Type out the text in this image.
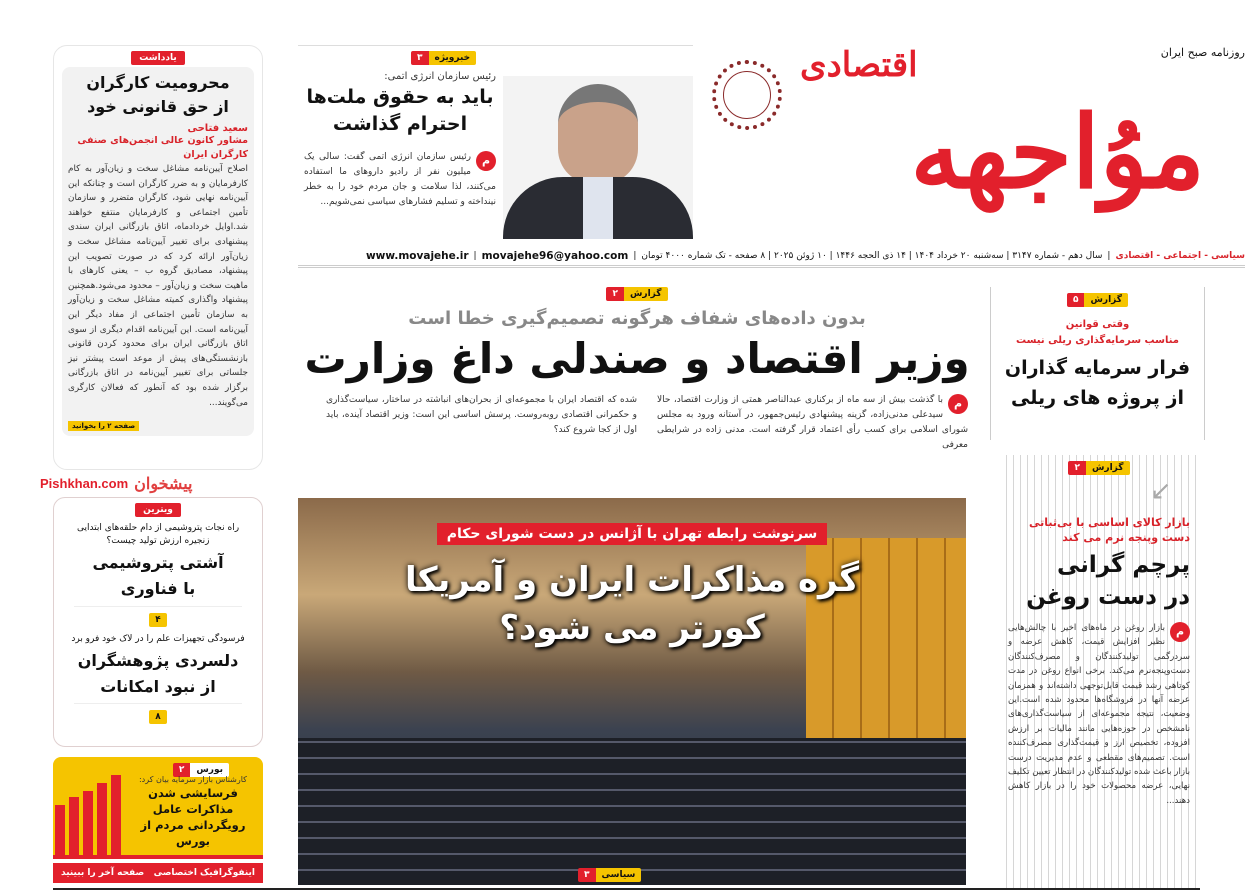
روزنامه صبح ایران
موُاجهه
اقتصادی
خبرویژه
۳
رئیس سازمان انرژی اتمی:
باید به حقوق ملت‌ها
احترام گذاشت
م
رئیس سازمان انرژی اتمی گفت: سالی یک میلیون نفر از رادیو داروهای ما استفاده می‌کنند، لذا سلامت و جان مردم خود را به خطر نینداخته و تسلیم فشارهای سیاسی نمی‌شویم...
سیاسی - اجتماعی - اقتصادی
|
سال دهم - شماره ۳۱۴۷ | سه‌شنبه ۲۰ خرداد ۱۴۰۴ | ۱۴ ذی الحجه ۱۴۴۶ | ۱۰ ژوئن ۲۰۲۵ | ۸ صفحه - تک شماره ۴۰۰۰ تومان
|
movajehe96@yahoo.com
|
www.movajehe.ir
گزارش
۲
بدون داده‌های شفاف هرگونه تصمیم‌گیری خطا است
وزیر اقتصاد و صندلی داغ وزارت
م
با گذشت بیش از سه ماه از برکناری عبدالناصر همتی از وزارت اقتصاد، حالا سیدعلی مدنی‌زاده، گزینه پیشنهادی رئیس‌جمهور، در آستانه ورود به مجلس شورای اسلامی برای کسب رأی اعتماد قرار گرفته است. مدنی زاده در شرایطی معرفی
شده که اقتصاد ایران با مجموعه‌ای از بحران‌های انباشته در ساختار، سیاست‌گذاری و حکمرانی اقتصادی روبه‌روست. پرسش اساسی این است: وزیر اقتصاد آینده، باید اول از کجا شروع کند؟
سرنوشت رابطه تهران با آژانس در دست شورای حکام
گره مذاکرات ایران و آمریکا
کورتر می شود؟
سیاسی
۳
گزارش
۵
وقتی قوانین
مناسب سرمایه‌گذاری ریلی نیست
فرار سرمایه گذاران
از پروژه های ریلی
گزارش
۲
↙
بازار کالای اساسی با بی‌ثباتی
دست وپنجه نرم می کند
پرچم گرانی
در دست روغن
م
بازار روغن در ماه‌های اخیر با چالش‌هایی نظیر افزایش قیمت، کاهش عرضه و سردرگمی تولیدکنندگان و مصرف‌کنندگان دست‌وپنجه‌نرم می‌کند. برخی انواع روغن در مدت کوتاهی رشد قیمت قابل‌توجهی داشته‌اند و همزمان عرضه آنها در فروشگاه‌ها محدود شده است.این وضعیت، نتیجه مجموعه‌ای از سیاست‌گذاری‌های نامشخص در حوزه‌هایی مانند مالیات بر ارزش افزوده، تخصیص ارز و قیمت‌گذاری مصرف‌کننده است. تصمیم‌های مقطعی و عدم مدیریت درست بازار باعث شده تولیدکنندگان در انتظار تعیین تکلیف نهایی، عرضه محصولات خود را در بازار کاهش دهند...
یادداشت
محرومیت کارگران
از حق قانونی خود
سعید فتاحی
مشاور کانون عالی انجمن‌های صنفی کارگران ایران
اصلاح آیین‌نامه مشاغل سخت و زیان‌آور به کام کارفرمایان و به ضرر کارگران است و چنانکه این آیین‌نامه نهایی شود، کارگران متضرر و سازمان تأمین اجتماعی و کارفرمایان منتفع خواهند شد.اوایل خردادماه، اتاق بازرگانی ایران سندی پیشنهادی برای تغییر آیین‌نامه مشاغل سخت و زیان‌آور ارائه کرد که در صورت تصویب این پیشنهاد، مصادیق گروه ب – یعنی کارهای با ماهیت سخت و زیان‌آور – محدود می‌شود.همچنین پیشنهاد واگذاری کمیته مشاغل سخت و زیان‌آور به سازمان تأمین اجتماعی از مفاد دیگر این آیین‌نامه است. این آیین‌نامه اقدام دیگری از سوی اتاق بازرگانی ایران برای محدود کردن قانونی بازنشستگی‌های پیش از موعد است پیشتر نیز جلساتی برای تغییر آیین‌نامه در اتاق بازرگانی برگزار شده بود که آنطور که فعالان کارگری می‌گویند...
صفحه ۲ را بخوانید
Pishkhan.com پیشخوان
ویترین
راه نجات پتروشیمی از دام حلقه‌های ابتدایی زنجیره ارزش تولید چیست؟
آشتی پتروشیمی
با فناوری
۴
فرسودگی تجهیزات علم را در لاک خود فرو برد
دلسردی پژوهشگران
از نبود امکانات
۸
بورس
۲
کارشناس بازار سرمایه بیان کرد:
فرسایشی شدن مذاکرات عامل رویگردانی مردم از بورس
اینفوگرافیک اختصاصی
صفحه آخر را ببینید
